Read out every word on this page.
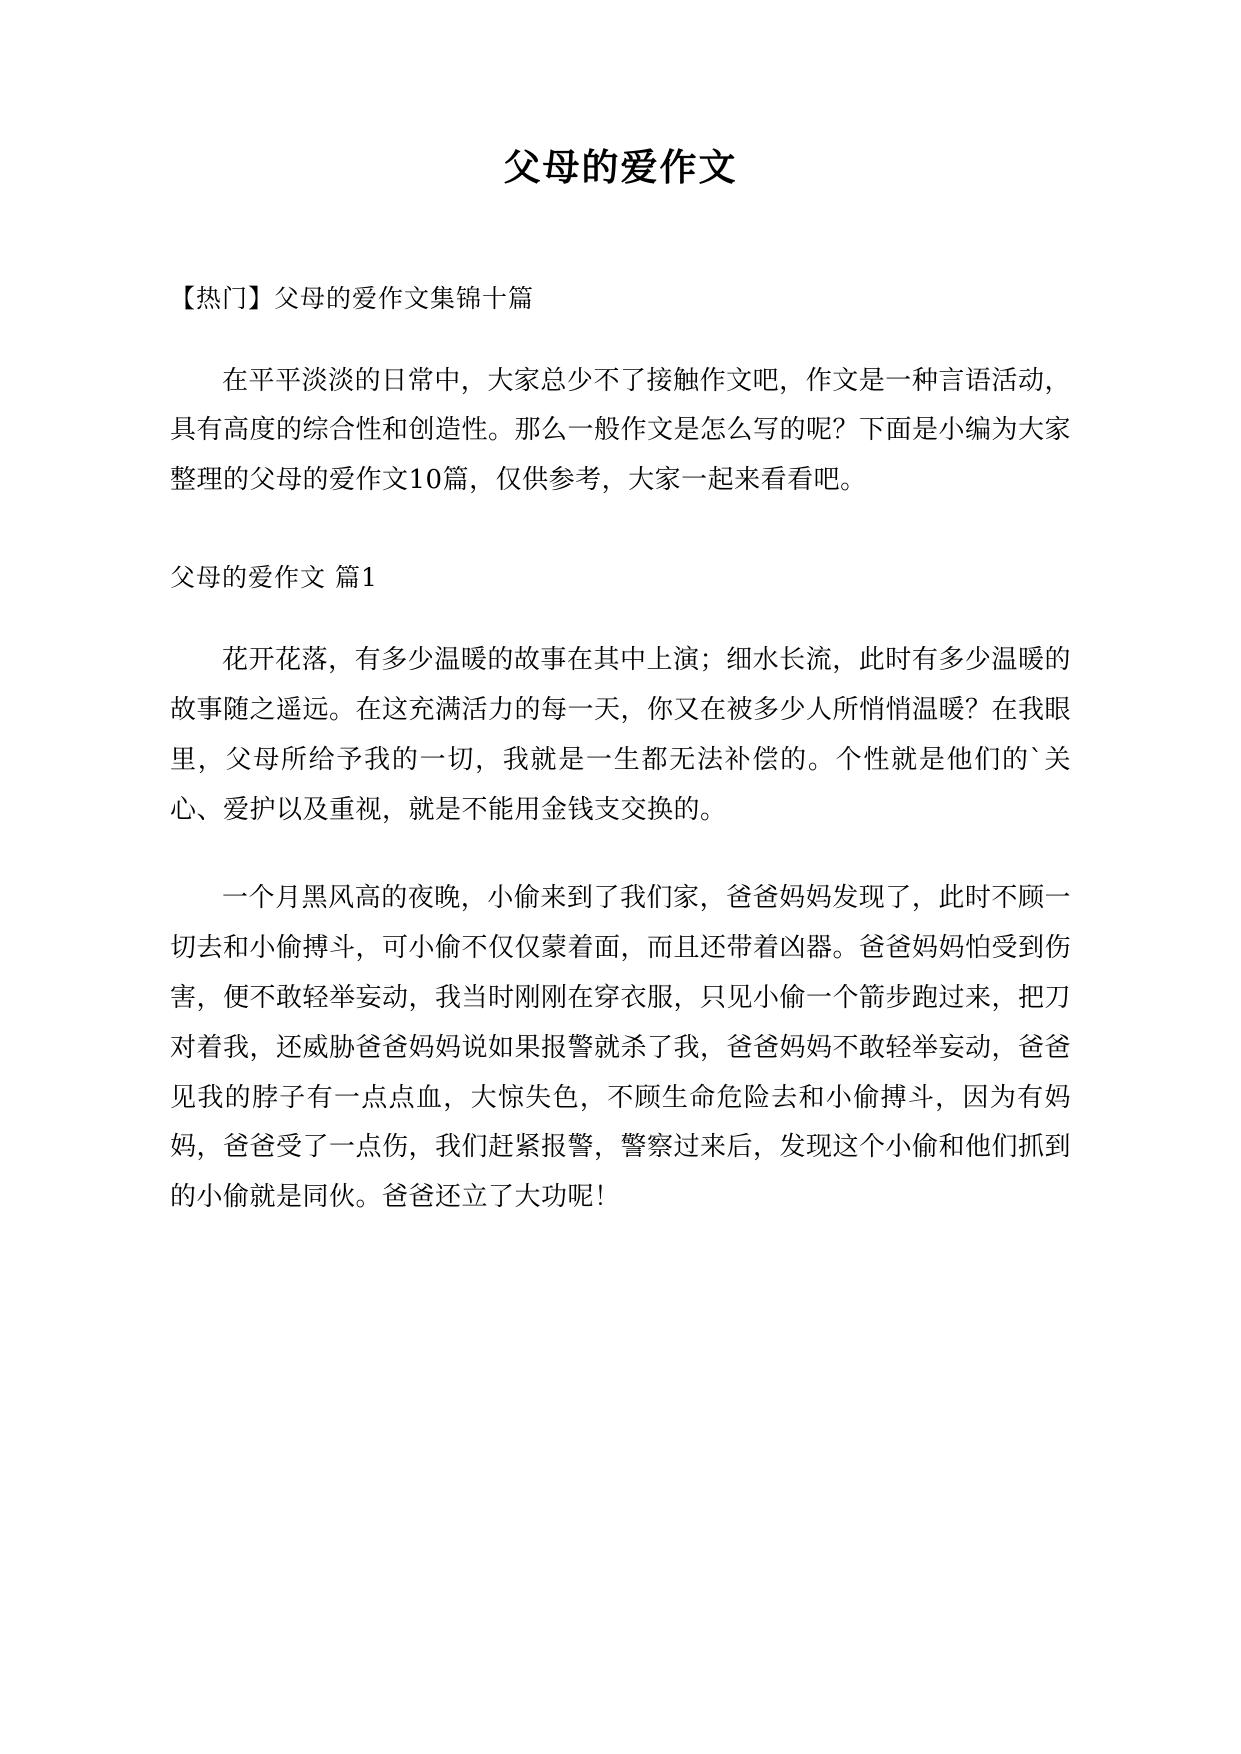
父母的爱作文
【热门】父母的爱作文集锦十篇

在平平淡淡的日常中，大家总少不了接触作文吧，作文是一种言语活动，具有高度的综合性和创造性。那么一般作文是怎么写的呢？下面是小编为大家整理的父母的爱作文10篇，仅供参考，大家一起来看看吧。

父母的爱作文 篇1

花开花落，有多少温暖的故事在其中上演；细水长流，此时有多少温暖的故事随之遥远。在这充满活力的每一天，你又在被多少人所悄悄温暖？在我眼里，父母所给予我的一切，我就是一生都无法补偿的。个性就是他们的`关心、爱护以及重视，就是不能用金钱支交换的。

一个月黑风高的夜晚，小偷来到了我们家，爸爸妈妈发现了，此时不顾一切去和小偷搏斗，可小偷不仅仅蒙着面，而且还带着凶器。爸爸妈妈怕受到伤害，便不敢轻举妄动，我当时刚刚在穿衣服，只见小偷一个箭步跑过来，把刀对着我，还威胁爸爸妈妈说如果报警就杀了我，爸爸妈妈不敢轻举妄动，爸爸见我的脖子有一点点血，大惊失色，不顾生命危险去和小偷搏斗，因为有妈妈，爸爸受了一点伤，我们赶紧报警，警察过来后，发现这个小偷和他们抓到的小偷就是同伙。爸爸还立了大功呢！
